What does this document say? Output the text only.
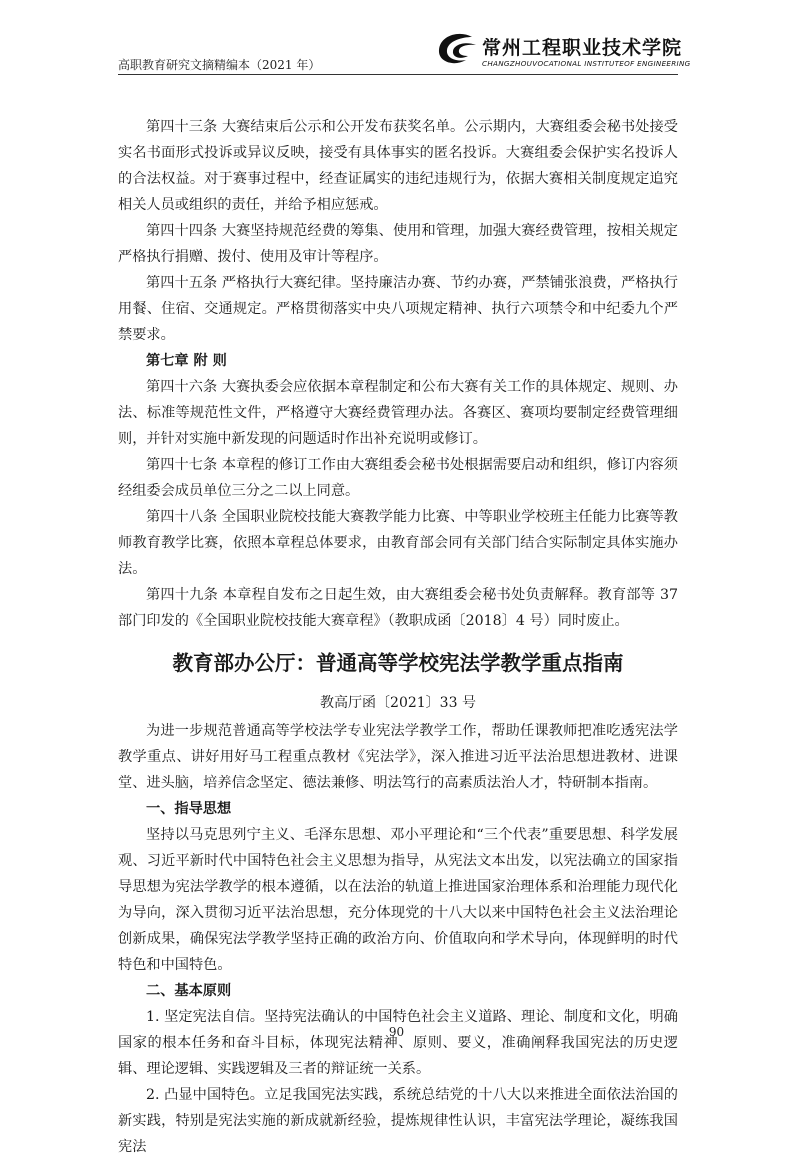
高职教育研究文摘精编本（2021 年）
常州工程职业技术学院
CHANGZHOUVOCATIONAL INSTITUTEOF ENGINEERING

第四十三条 大赛结束后公示和公开发布获奖名单。公示期内，大赛组委会秘书处接受实名书面形式投诉或异议反映，接受有具体事实的匿名投诉。大赛组委会保护实名投诉人的合法权益。对于赛事过程中，经查证属实的违纪违规行为，依据大赛相关制度规定追究相关人员或组织的责任，并给予相应惩戒。

第四十四条 大赛坚持规范经费的筹集、使用和管理，加强大赛经费管理，按相关规定严格执行捐赠、拨付、使用及审计等程序。

第四十五条 严格执行大赛纪律。坚持廉洁办赛、节约办赛，严禁铺张浪费，严格执行用餐、住宿、交通规定。严格贯彻落实中央八项规定精神、执行六项禁令和中纪委九个严禁要求。

第七章 附 则

第四十六条 大赛执委会应依据本章程制定和公布大赛有关工作的具体规定、规则、办法、标准等规范性文件，严格遵守大赛经费管理办法。各赛区、赛项均要制定经费管理细则，并针对实施中新发现的问题适时作出补充说明或修订。

第四十七条 本章程的修订工作由大赛组委会秘书处根据需要启动和组织，修订内容须经组委会成员单位三分之二以上同意。

第四十八条 全国职业院校技能大赛教学能力比赛、中等职业学校班主任能力比赛等教师教育教学比赛，依照本章程总体要求，由教育部会同有关部门结合实际制定具体实施办法。

第四十九条 本章程自发布之日起生效，由大赛组委会秘书处负责解释。教育部等 37 部门印发的《全国职业院校技能大赛章程》（教职成函〔2018〕4 号）同时废止。

教育部办公厅：普通高等学校宪法学教学重点指南
教高厅函〔2021〕33 号

为进一步规范普通高等学校法学专业宪法学教学工作，帮助任课教师把准吃透宪法学教学重点、讲好用好马工程重点教材《宪法学》，深入推进习近平法治思想进教材、进课堂、进头脑，培养信念坚定、德法兼修、明法笃行的高素质法治人才，特研制本指南。

一、指导思想

坚持以马克思列宁主义、毛泽东思想、邓小平理论和“三个代表”重要思想、科学发展观、习近平新时代中国特色社会主义思想为指导，从宪法文本出发，以宪法确立的国家指导思想为宪法学教学的根本遵循，以在法治的轨道上推进国家治理体系和治理能力现代化为导向，深入贯彻习近平法治思想，充分体现党的十八大以来中国特色社会主义法治理论创新成果，确保宪法学教学坚持正确的政治方向、价值取向和学术导向，体现鲜明的时代特色和中国特色。

二、基本原则

1. 坚定宪法自信。坚持宪法确认的中国特色社会主义道路、理论、制度和文化，明确国家的根本任务和奋斗目标，体现宪法精神、原则、要义，准确阐释我国宪法的历史逻辑、理论逻辑、实践逻辑及三者的辩证统一关系。

2. 凸显中国特色。立足我国宪法实践，系统总结党的十八大以来推进全面依法治国的新实践，特别是宪法实施的新成就新经验，提炼规律性认识，丰富宪法学理论，凝练我国宪法

90
